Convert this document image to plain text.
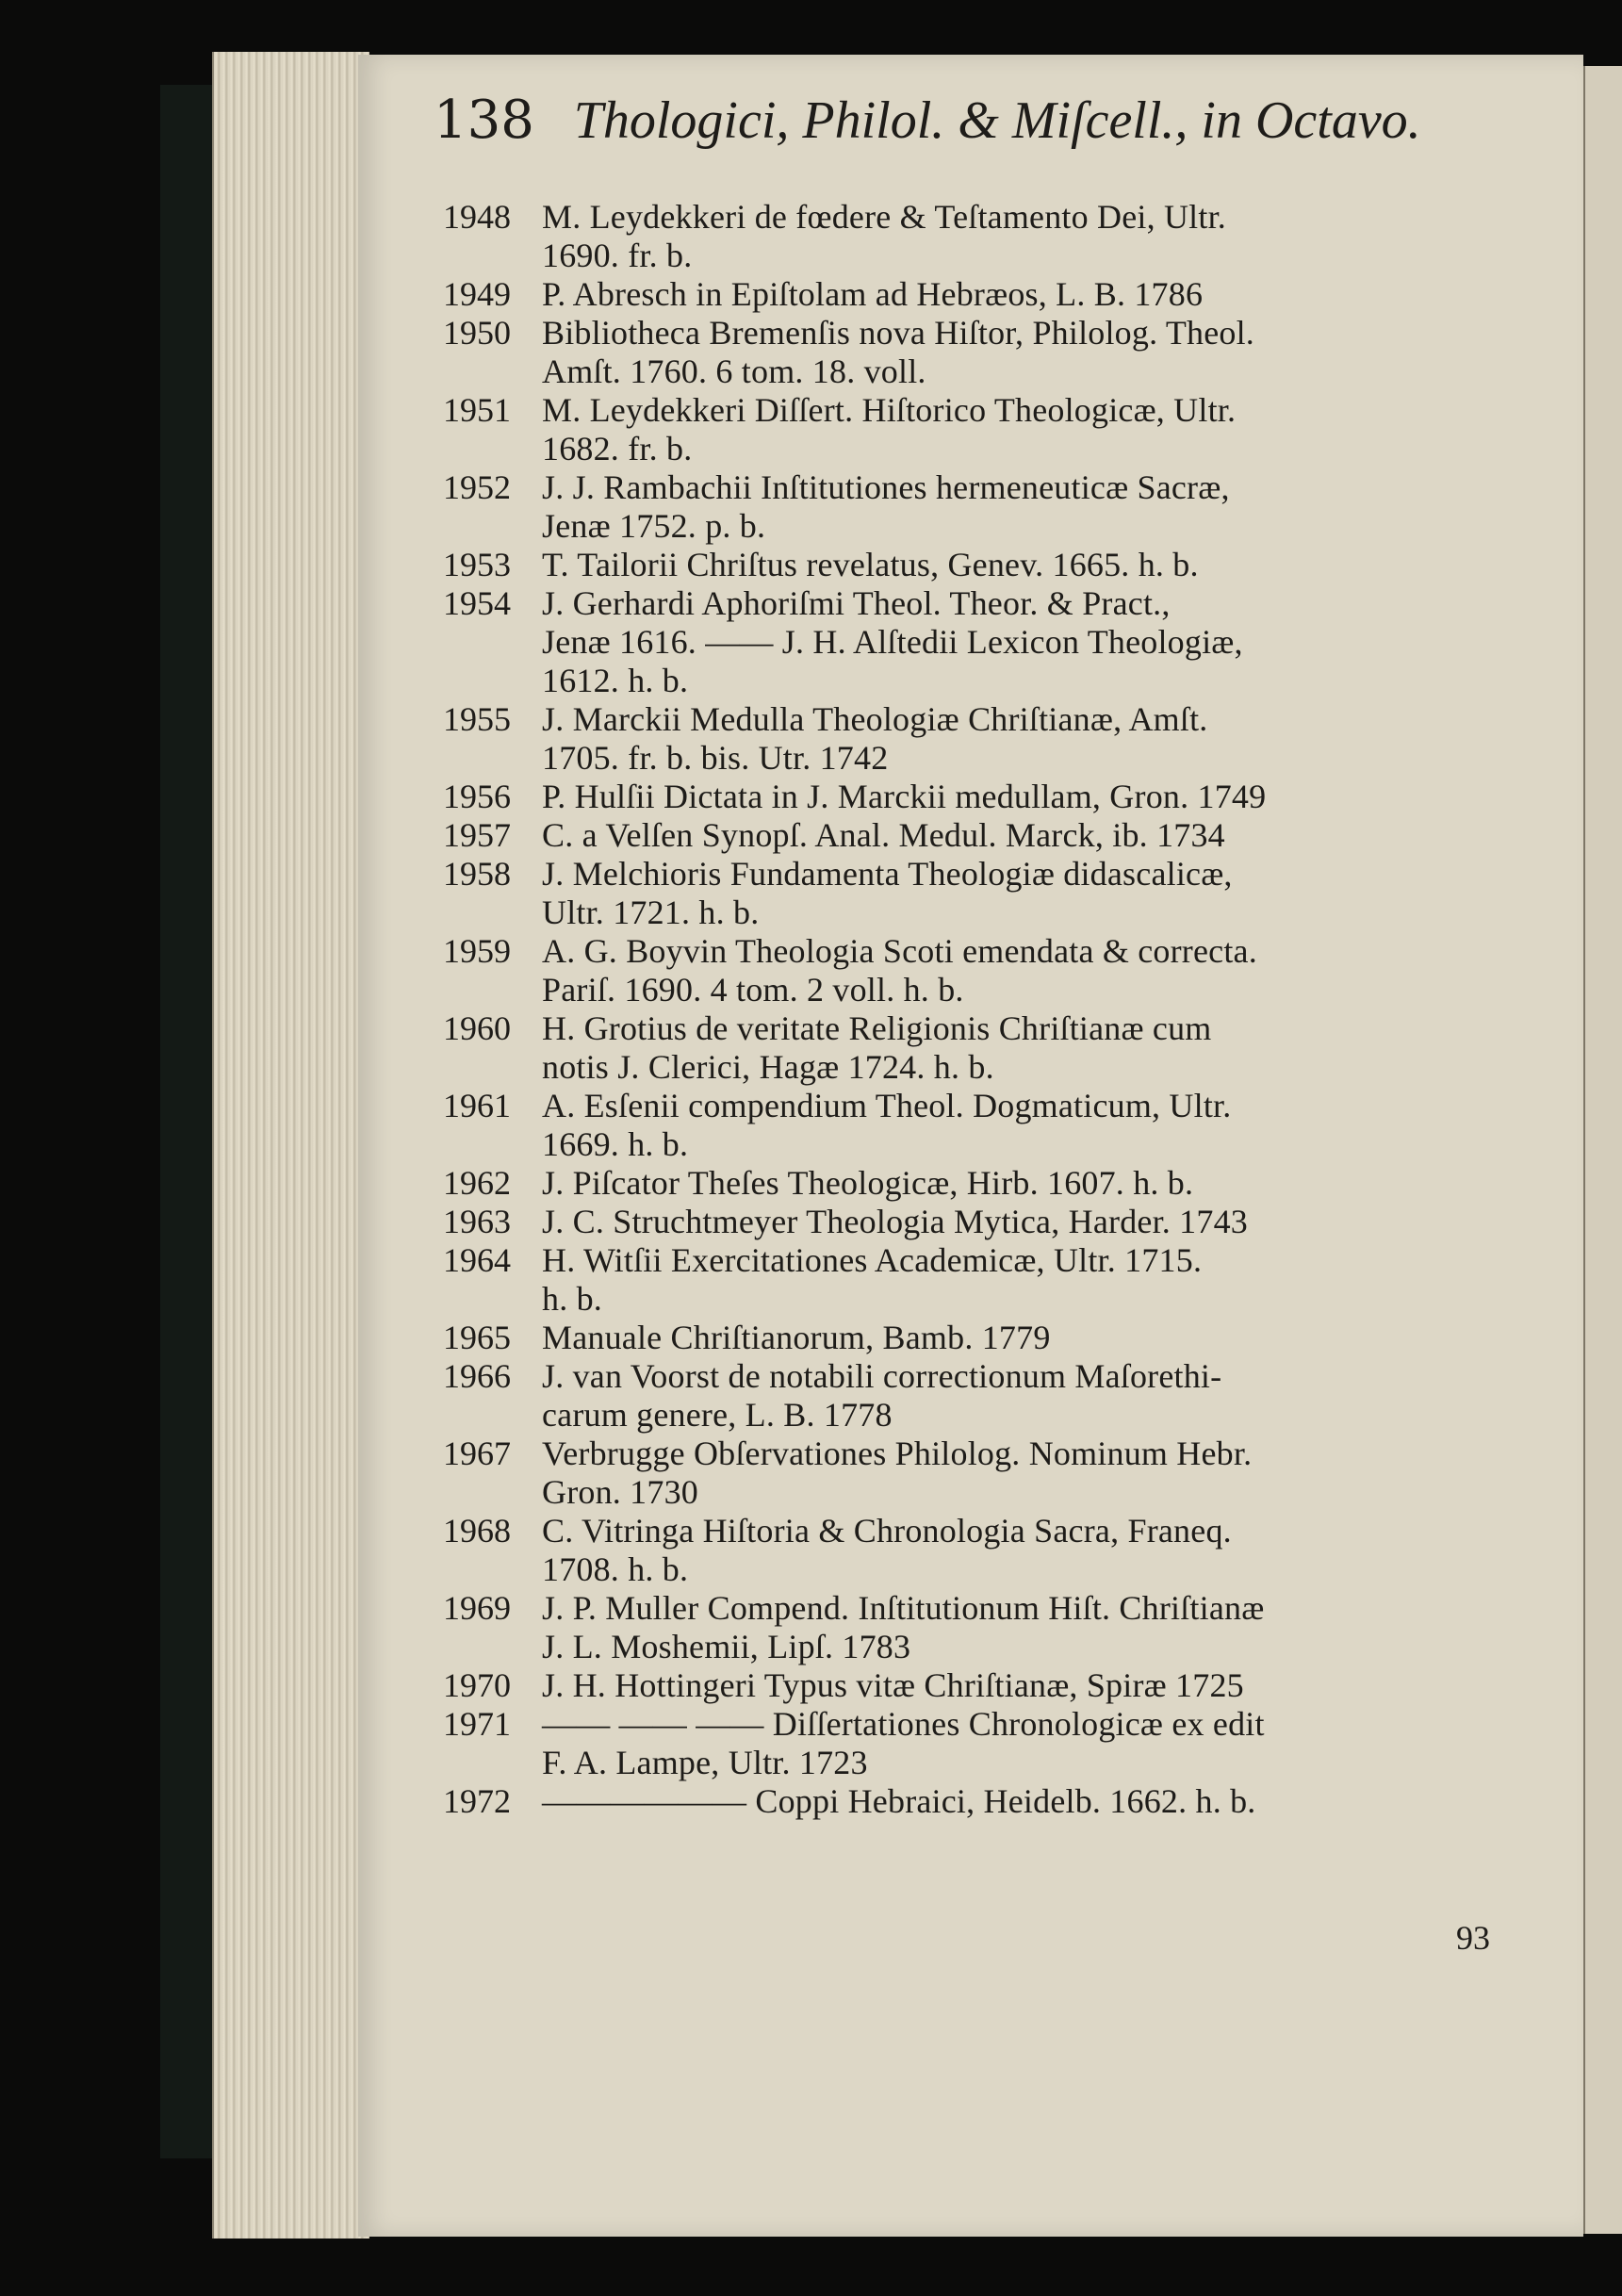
138 Thologici, Philol. & Miſcell., in Octavo.
1948 M. Leydekkeri de fœdere & Teſtamento Dei, Ultr.
1690. fr. b.
1949 P. Abresch in Epiſtolam ad Hebræos, L. B. 1786
1950 Bibliotheca Bremenſis nova Hiſtor, Philolog. Theol.
Amſt. 1760. 6 tom. 18. voll.
1951 M. Leydekkeri Diſſert. Hiſtorico Theologicæ, Ultr.
1682. fr. b.
1952 J. J. Rambachii Inſtitutiones hermeneuticæ Sacræ,
Jenæ 1752. p. b.
1953 T. Tailorii Chriſtus revelatus, Genev. 1665. h. b.
1954 J. Gerhardi Aphoriſmi Theol. Theor. & Pract.,
Jenæ 1616. —— J. H. Alſtedii Lexicon Theologiæ,
1612. h. b.
1955 J. Marckii Medulla Theologiæ Chriſtianæ, Amſt.
1705. fr. b. bis. Utr. 1742
1956 P. Hulſii Dictata in J. Marckii medullam, Gron. 1749
1957 C. a Velſen Synopſ. Anal. Medul. Marck, ib. 1734
1958 J. Melchioris Fundamenta Theologiæ didascalicæ,
Ultr. 1721. h. b.
1959 A. G. Boyvin Theologia Scoti emendata & correcta.
Pariſ. 1690. 4 tom. 2 voll. h. b.
1960 H. Grotius de veritate Religionis Chriſtianæ cum
notis J. Clerici, Hagæ 1724. h. b.
1961 A. Esſenii compendium Theol. Dogmaticum, Ultr.
1669. h. b.
1962 J. Piſcator Theſes Theologicæ, Hirb. 1607. h. b.
1963 J. C. Struchtmeyer Theologia Mytica, Harder. 1743
1964 H. Witſii Exercitationes Academicæ, Ultr. 1715.
h. b.
1965 Manuale Chriſtianorum, Bamb. 1779
1966 J. van Voorst de notabili correctionum Maſorethi-
carum genere, L. B. 1778
1967 Verbrugge Obſervationes Philolog. Nominum Hebr.
Gron. 1730
1968 C. Vitringa Hiſtoria & Chronologia Sacra, Franeq.
1708. h. b.
1969 J. P. Muller Compend. Inſtitutionum Hiſt. Chriſtianæ
J. L. Moshemii, Lipſ. 1783
1970 J. H. Hottingeri Typus vitæ Chriſtianæ, Spiræ 1725
1971 —— —— —— Diſſertationes Chronologicæ ex edit
F. A. Lampe, Ultr. 1723
1972 —————— Coppi Hebraici, Heidelb. 1662. h. b.
93
